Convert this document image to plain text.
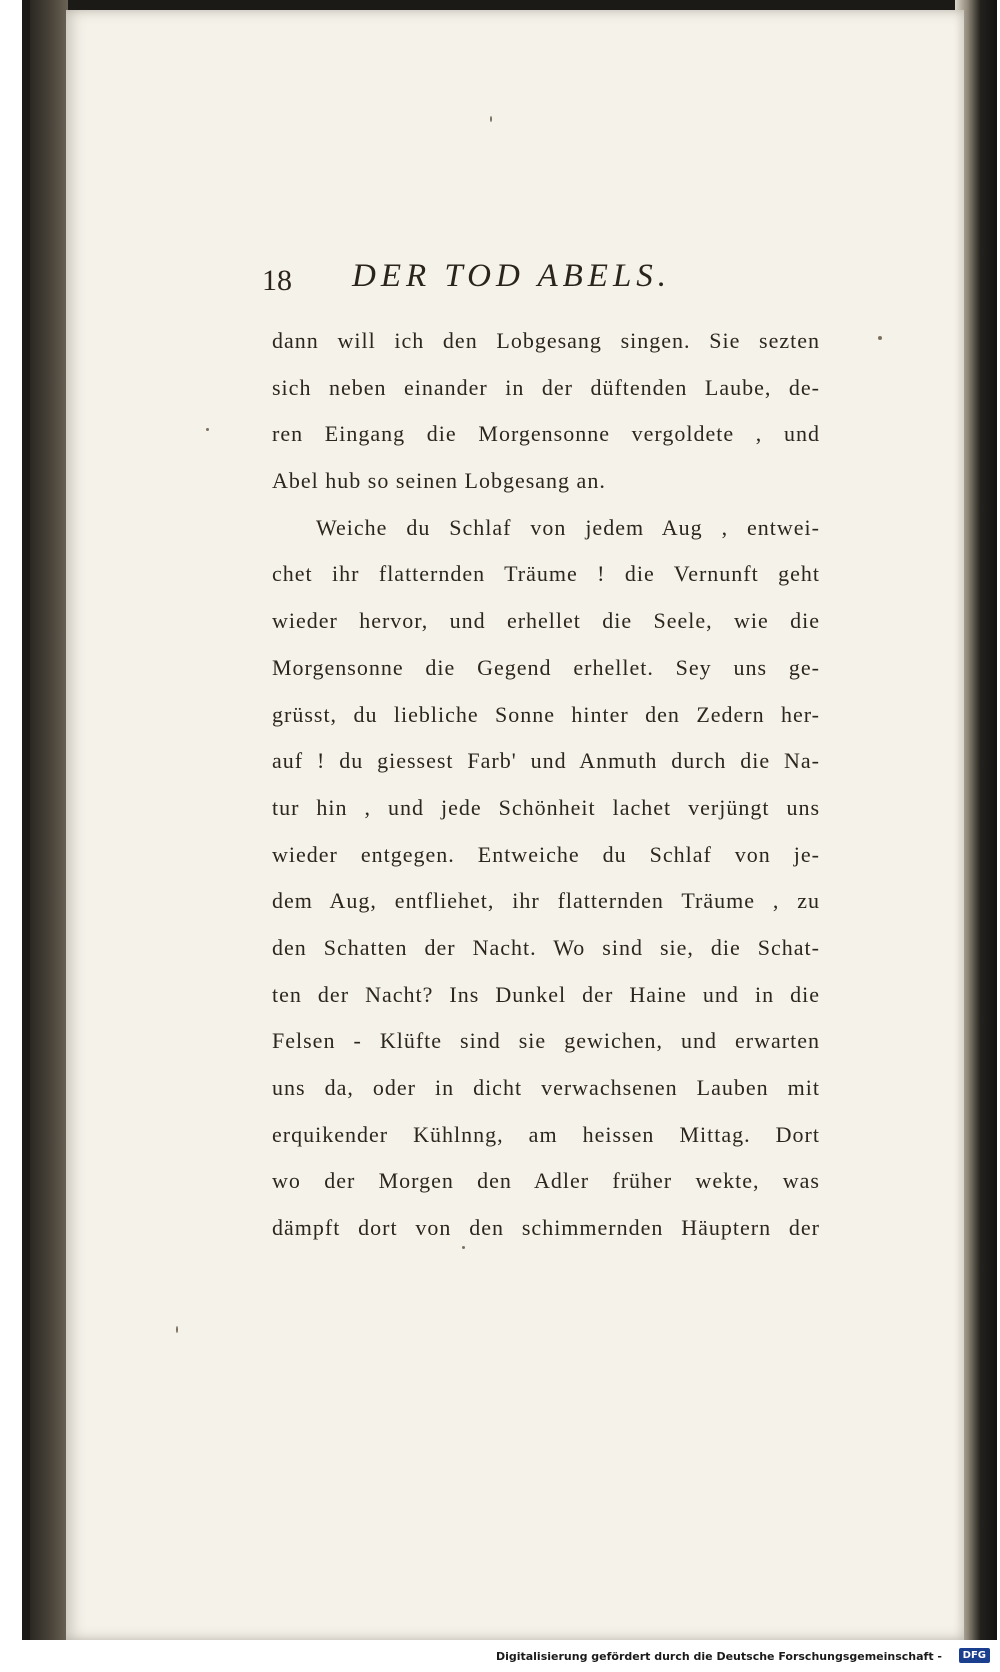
18 DER TOD ABELS.
dann will ich den Lobgesang singen. Sie sezten
sich neben einander in der düftenden Laube, de-
ren Eingang die Morgensonne vergoldete , und
Abel hub so seinen Lobgesang an.
Weiche du Schlaf von jedem Aug , entwei-
chet ihr flatternden Träume ! die Vernunft geht
wieder hervor, und erhellet die Seele, wie die
Morgensonne die Gegend erhellet. Sey uns ge-
grüsst, du liebliche Sonne hinter den Zedern her-
auf ! du giessest Farb' und Anmuth durch die Na-
tur hin , und jede Schönheit lachet verjüngt uns
wieder entgegen. Entweiche du Schlaf von je-
dem Aug, entfliehet, ihr flatternden Träume , zu
den Schatten der Nacht. Wo sind sie, die Schat-
ten der Nacht? Ins Dunkel der Haine und in die
Felsen - Klüfte sind sie gewichen, und erwarten
uns da, oder in dicht verwachsenen Lauben mit
erquikender Kühlnng, am heissen Mittag. Dort
wo der Morgen den Adler früher wekte, was
dämpft dort von den schimmernden Häuptern der
Digitalisierung gefördert durch die Deutsche Forschungsgemeinschaft -	DFG
